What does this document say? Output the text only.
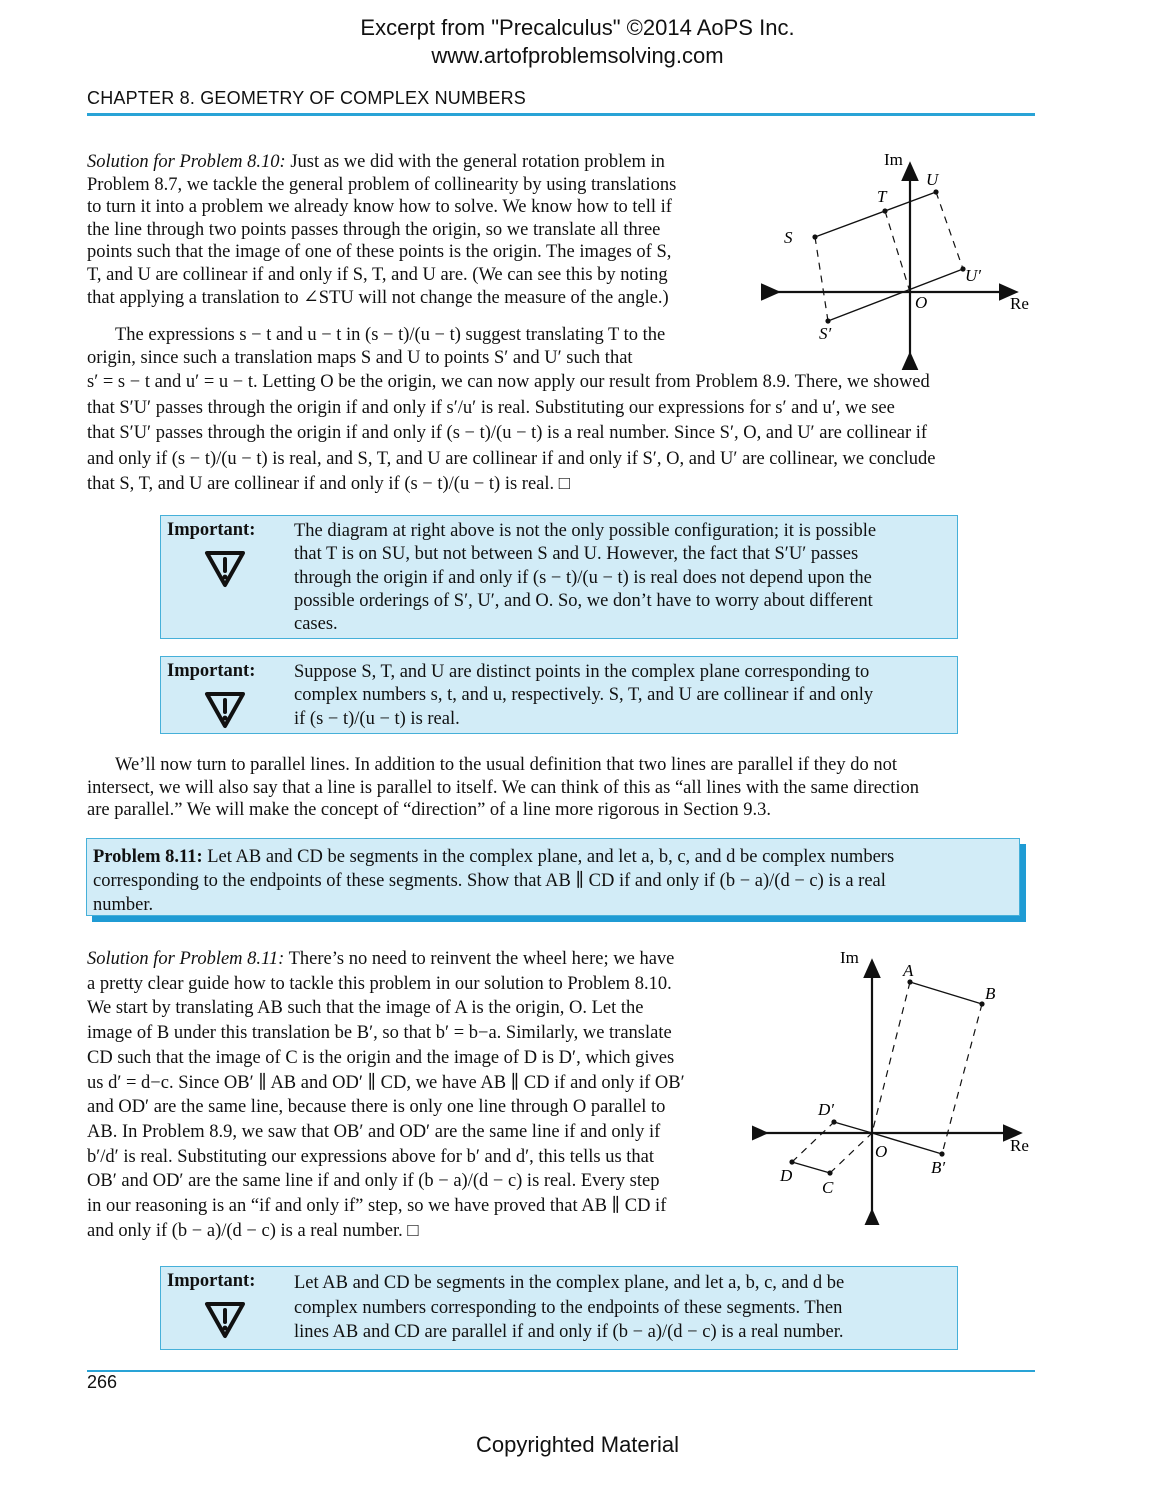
Excerpt from "Precalculus" ©2014 AoPS Inc.
www.artofproblemsolving.com
CHAPTER 8. GEOMETRY OF COMPLEX NUMBERS
Solution for Problem 8.10: Just as we did with the general rotation problem in
Problem 8.7, we tackle the general problem of collinearity by using translations
to turn it into a problem we already know how to solve. We know how to tell if
the line through two points passes through the origin, so we translate all three
points such that the image of one of these points is the origin. The images of S,
T, and U are collinear if and only if S, T, and U are. (We can see this by noting
that applying a translation to ∠STU will not change the measure of the angle.)
The expressions s − t and u − t in (s − t)/(u − t) suggest translating T to the
origin, since such a translation maps S and U to points S′ and U′ such that
s′ = s − t and u′ = u − t. Letting O be the origin, we can now apply our result from Problem 8.9. There, we showed
that S′U′ passes through the origin if and only if s′/u′ is real. Substituting our expressions for s′ and u′, we see
that S′U′ passes through the origin if and only if (s − t)/(u − t) is a real number. Since S′, O, and U′ are collinear if
and only if (s − t)/(u − t) is real, and S, T, and U are collinear if and only if S′, O, and U′ are collinear, we conclude
that S, T, and U are collinear if and only if (s − t)/(u − t) is real. □
Im
Re
O
S
T
U
S′
U′
Important: The diagram at right above is not the only possible configuration; it is possible
that T is on SU, but not between S and U. However, the fact that S′U′ passes
through the origin if and only if (s − t)/(u − t) is real does not depend upon the
possible orderings of S′, U′, and O. So, we don’t have to worry about different
cases.
Important: Suppose S, T, and U are distinct points in the complex plane corresponding to
complex numbers s, t, and u, respectively. S, T, and U are collinear if and only
if (s − t)/(u − t) is real.
We’ll now turn to parallel lines. In addition to the usual definition that two lines are parallel if they do not
intersect, we will also say that a line is parallel to itself. We can think of this as “all lines with the same direction
are parallel.” We will make the concept of “direction” of a line more rigorous in Section 9.3.

Problem 8.11: Let AB and CD be segments in the complex plane, and let a, b, c, and d be complex numbers
corresponding to the endpoints of these segments. Show that AB ∥ CD if and only if (b − a)/(d − c) is a real
number.

Solution for Problem 8.11: There’s no need to reinvent the wheel here; we have
a pretty clear guide how to tackle this problem in our solution to Problem 8.10.
We start by translating AB such that the image of A is the origin, O. Let the
image of B under this translation be B′, so that b′ = b−a. Similarly, we translate
CD such that the image of C is the origin and the image of D is D′, which gives
us d′ = d−c. Since OB′ ∥ AB and OD′ ∥ CD, we have AB ∥ CD if and only if OB′
and OD′ are the same line, because there is only one line through O parallel to
AB. In Problem 8.9, we saw that OB′ and OD′ are the same line if and only if
b′/d′ is real. Substituting our expressions above for b′ and d′, this tells us that
OB′ and OD′ are the same line if and only if (b − a)/(d − c) is real. Every step
in our reasoning is an “if and only if” step, so we have proved that AB ∥ CD if
and only if (b − a)/(d − c) is a real number. □
Im
Re
O
A
B
B′
D
C
D′
Important: Let AB and CD be segments in the complex plane, and let a, b, c, and d be
complex numbers corresponding to the endpoints of these segments. Then
lines AB and CD are parallel if and only if (b − a)/(d − c) is a real number.
266
Copyrighted Material
